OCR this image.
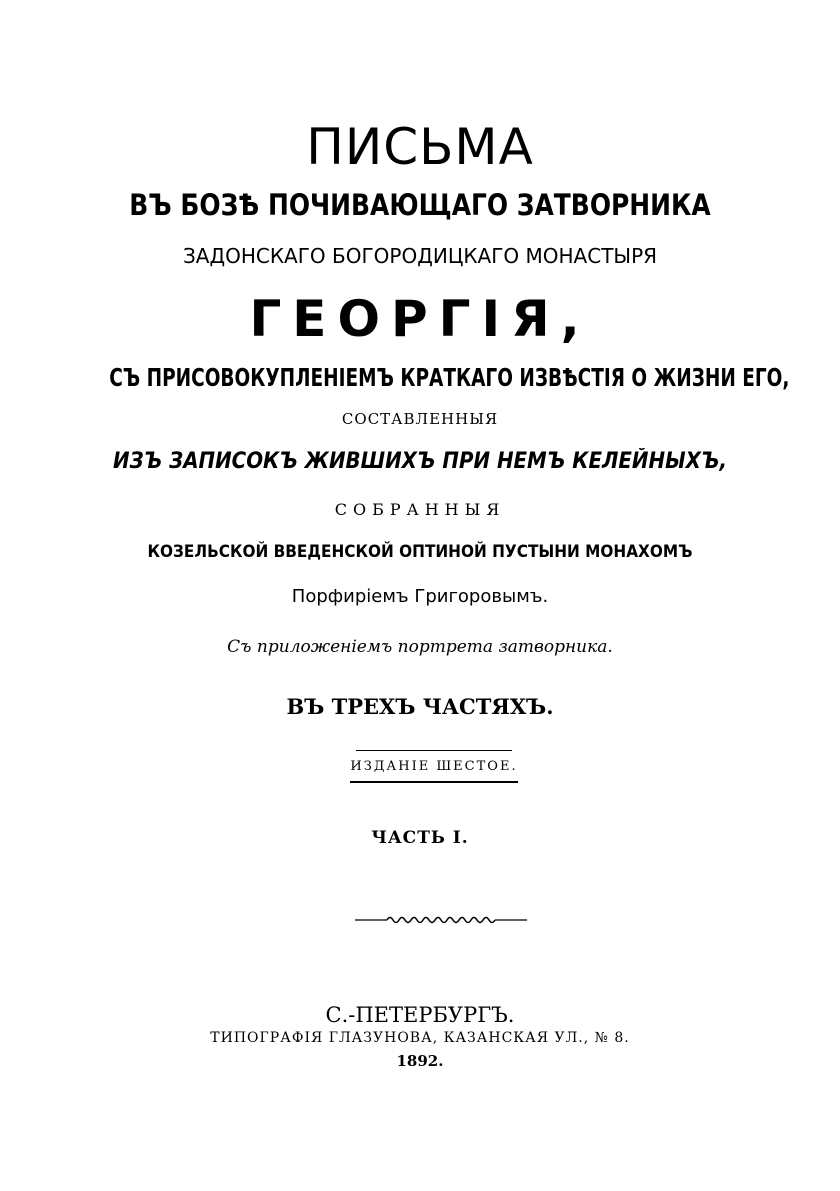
ПИСЬМА
ВЪ БОЗѢ ПОЧИВАЮЩАГО ЗАТВОРНИКА
ЗАДОНСКАГО БОГОРОДИЦКАГО МОНАСТЫРЯ
ГЕОРГІЯ,
СЪ ПРИСОВОКУПЛЕНІЕМЪ КРАТКАГО ИЗВѢСТІЯ О ЖИЗНИ ЕГО,
СОСТАВЛЕННЫЯ
ИЗЪ ЗАПИСОКЪ ЖИВШИХЪ ПРИ НЕМЪ КЕЛЕЙНЫХЪ,
СОБРАННЫЯ
КОЗЕЛЬСКОЙ ВВЕДЕНСКОЙ ОПТИНОЙ ПУСТЫНИ МОНАХОМЪ
Порфиріемъ Григоровымъ.
Съ приложеніемъ портрета затворника.
ВЪ ТРЕХЪ ЧАСТЯХЪ.
ИЗДАНІЕ ШЕСТОЕ.
ЧАСТЬ I.
С.-ПЕТЕРБУРГЪ.
ТИПОГРАФІЯ ГЛАЗУНОВА, КАЗАНСКАЯ УЛ., № 8.
1892.
